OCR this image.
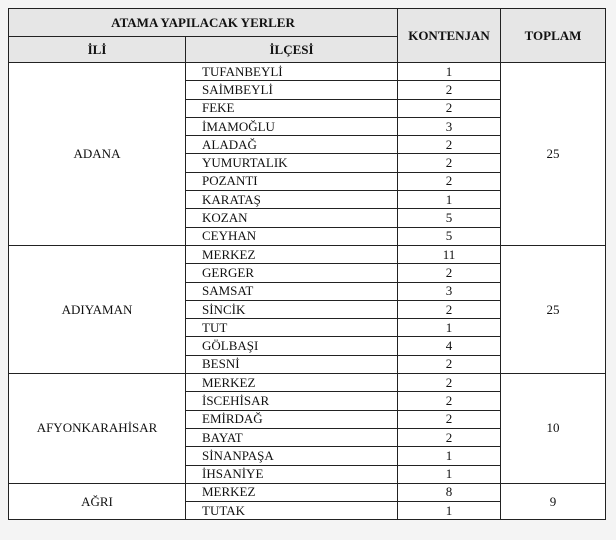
ATAMA YAPILACAK YERLER		KONTENJAN	TOPLAM
İLİ	İLÇESİ		
ADANA	TUFANBEYLİ	1	25
	SAİMBEYLİ	2	
	FEKE	2	
	İMAMOĞLU	3	
	ALADAĞ	2	
	YUMURTALIK	2	
	POZANTI	2	
	KARATAŞ	1	
	KOZAN	5	
	CEYHAN	5	
ADIYAMAN	MERKEZ	11	25
	GERGER	2	
	SAMSAT	3	
	SİNCİK	2	
	TUT	1	
	GÖLBAŞI	4	
	BESNİ	2	
AFYONKARAHİSAR	MERKEZ	2	10
	İSCEHİSAR	2	
	EMİRDAĞ	2	
	BAYAT	2	
	SİNANPAŞA	1	
	İHSANİYE	1	
AĞRI	MERKEZ	8	9
	TUTAK	1	
